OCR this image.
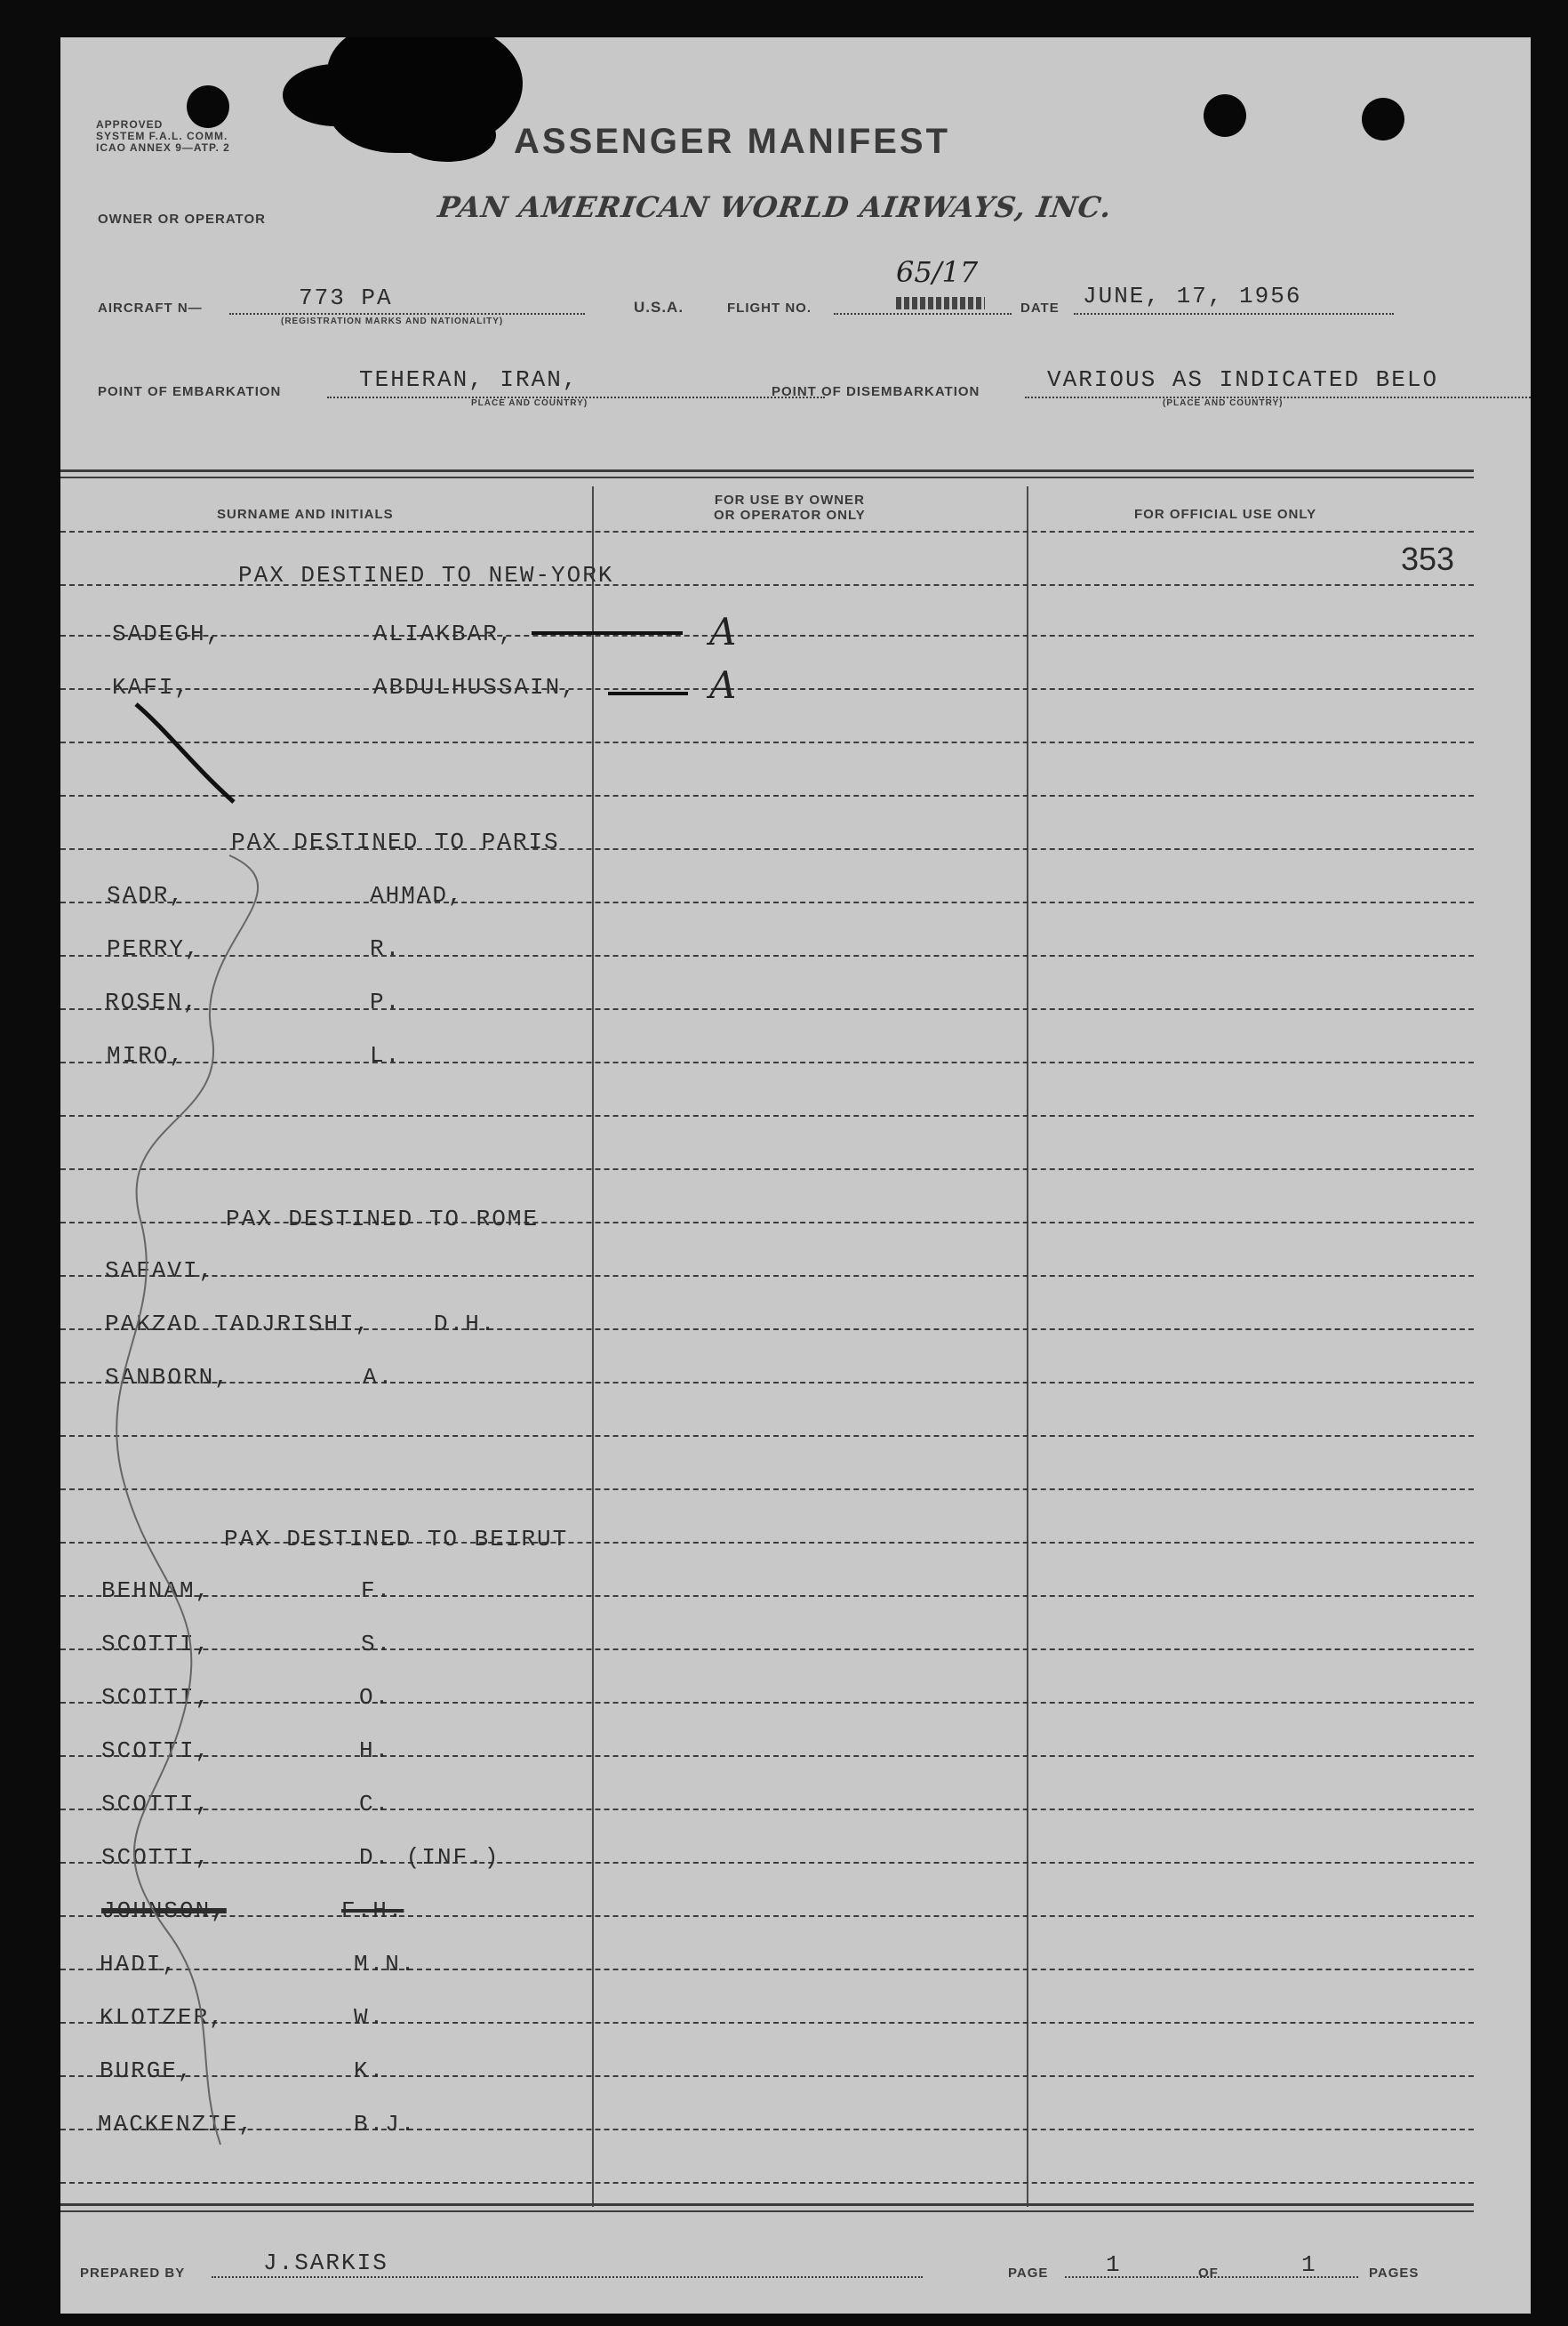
APPROVED
SYSTEM F.A.L. COMM.
ICAO ANNEX 9—ATP. 2	ASSENGER MANIFEST
OWNER OR OPERATOR	PAN AMERICAN WORLD AIRWAYS, INC.
AIRCRAFT N—	773 PA
(REGISTRATION MARKS AND NATIONALITY)
U.S.A.	FLIGHT NO.
65/17
DATE JUNE, 17, 1956
POINT OF EMBARKATION	TEHERAN, IRAN,
PLACE AND COUNTRY)
POINT OF DISEMBARKATION	VARIOUS AS INDICATED BELO
(PLACE AND COUNTRY)
SURNAME AND INITIALS
FOR USE BY OWNER
OR OPERATOR ONLY	FOR OFFICIAL USE ONLY
353
PAX DESTINED TO NEW-YORK
PAX DESTINED TO PARIS
PAX DESTINED TO ROME
PAX DESTINED TO BEIRUT
SADEGH,	ALIAKBAR,	A
KAFI,	ABDULHUSSAIN,	A
SADR,	AHMAD,
PERRY,	R.
ROSEN,	P.
MIRO,	L.
SAFAVI,
PAKZAD TADJRISHI,	D.H.
SANBORN,	A.
BEHNAM,	F.
SCOTTI,	S.
SCOTTI,	O.
SCOTTI,	H.
SCOTTI,	C.
SCOTTI,	D. (INF.)
JOHNSON,	F.H.
HADI,	M.N.
KLOTZER,	W.
BURGE,	K.
MACKENZIE,	B.J.
PREPARED BY	J.SARKIS	PAGE 1	OF	1	PAGES
